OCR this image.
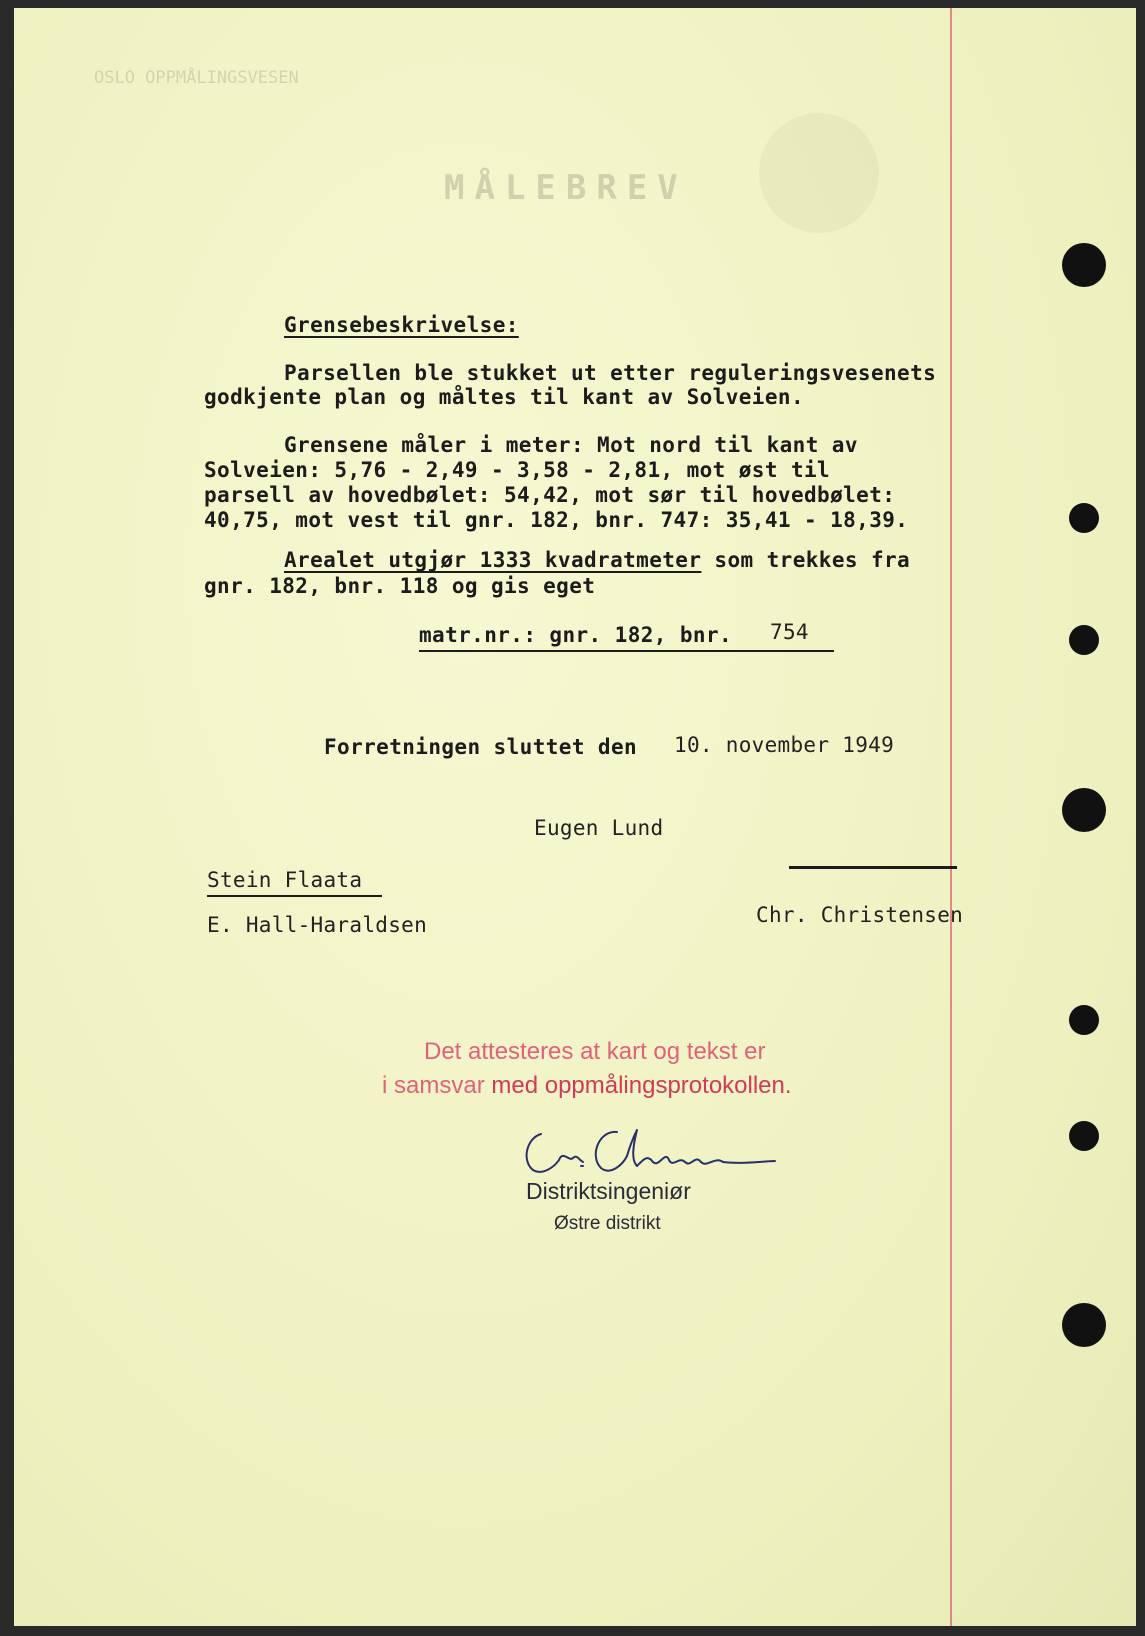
MÅLEBREV
OSLO OPPMÅLINGSVESEN
Grensebeskrivelse:
Parsellen ble stukket ut etter reguleringsvesenets
godkjente plan og måltes til kant av Solveien.
Grensene måler i meter: Mot nord til kant av
Solveien: 5,76 - 2,49 - 3,58 - 2,81, mot øst til
parsell av hovedbølet: 54,42, mot sør til hovedbølet:
40,75, mot vest til gnr. 182, bnr. 747: 35,41 - 18,39.
Arealet utgjør 1333 kvadratmeter som trekkes fra
gnr. 182, bnr. 118 og gis eget
matr.nr.: gnr. 182, bnr. 754
Forretningen sluttet den 10. november 1949
Eugen Lund
Stein Flaata
E. Hall-Haraldsen	Chr. Christensen
Det attesteres at kart og tekst er
i samsvar med oppmålingsprotokollen.
Distriktsingeniør
Østre distrikt
